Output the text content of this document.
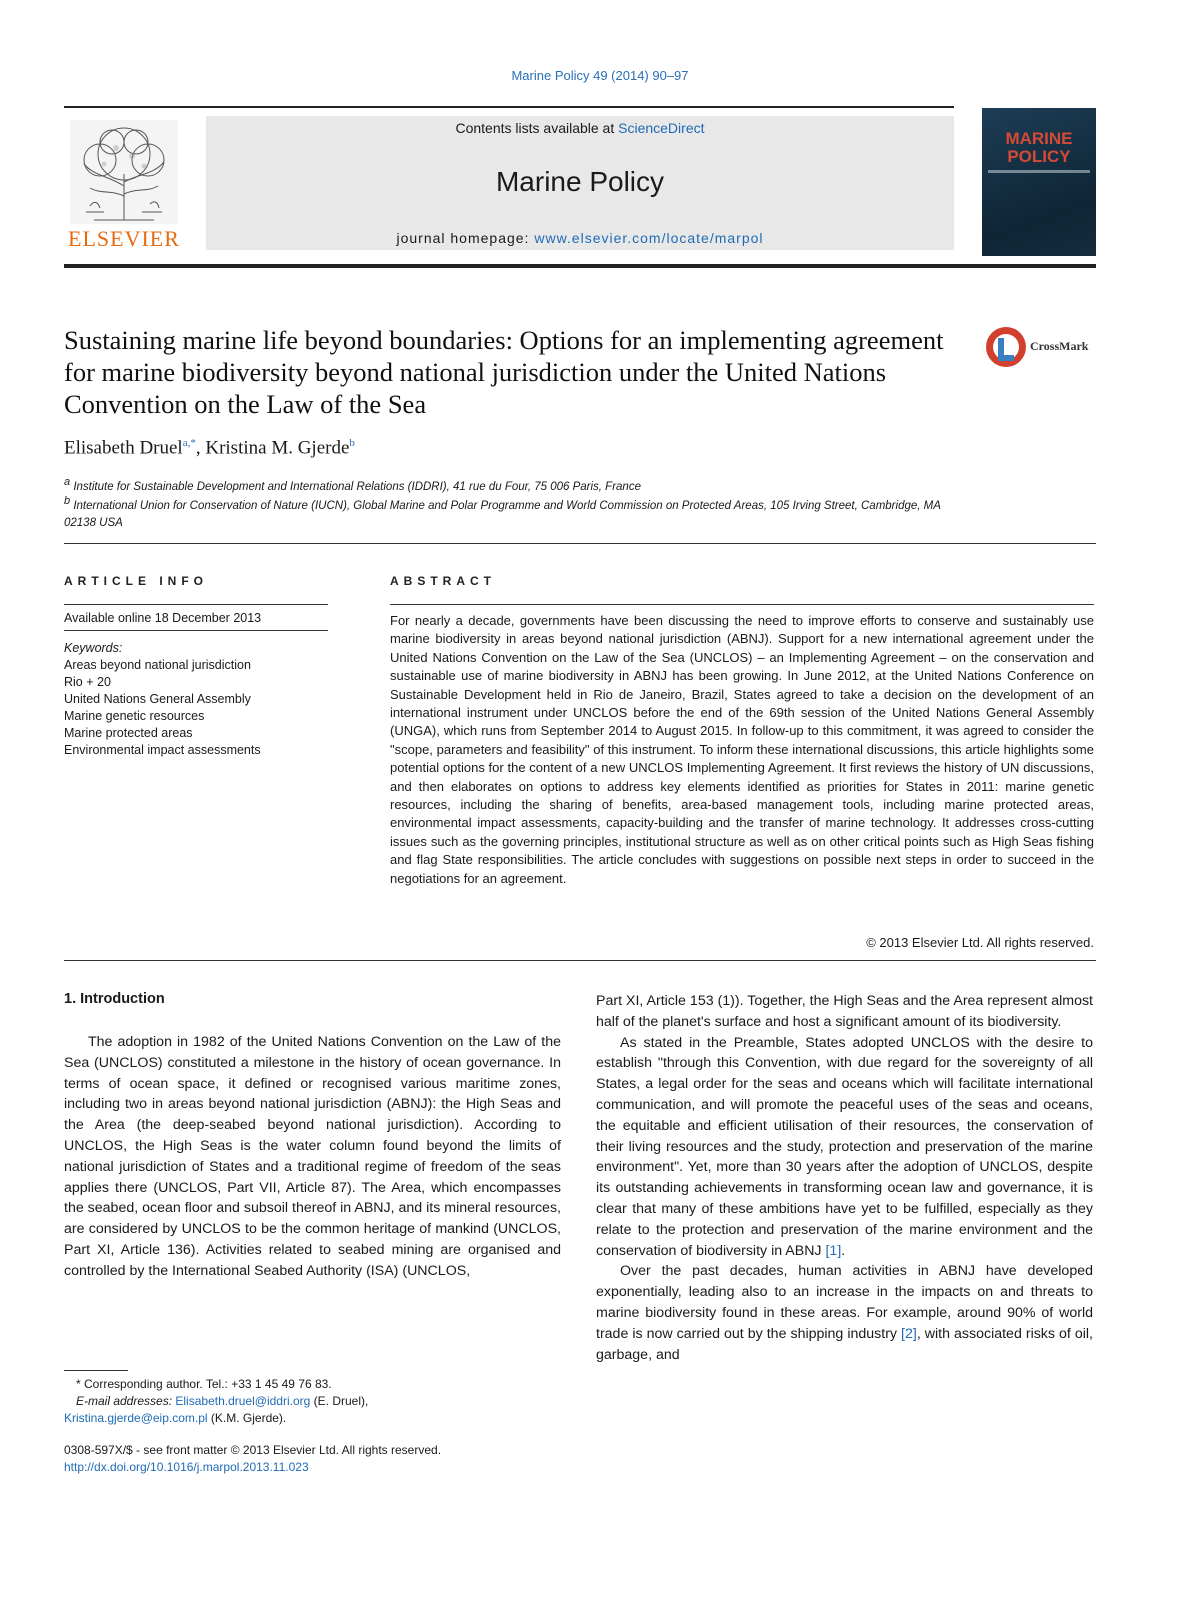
Marine Policy 49 (2014) 90–97
ELSEVIER
Contents lists available at ScienceDirect
Marine Policy
journal homepage: www.elsevier.com/locate/marpol
MARINE
POLICY
Sustaining marine life beyond boundaries: Options for an implementing agreement for marine biodiversity beyond national jurisdiction under the United Nations Convention on the Law of the Sea
CrossMark
Elisabeth Druel$^{a,*}$, Kristina M. Gjerde$^b$
$^a$ Institute for Sustainable Development and International Relations (IDDRI), 41 rue du Four, 75 006 Paris, France
$^b$ International Union for Conservation of Nature (IUCN), Global Marine and Polar Programme and World Commission on Protected Areas, 105 Irving Street, Cambridge, MA 02138 USA
ARTICLE INFO
Available online 18 December 2013
Keywords:
Areas beyond national jurisdiction
Rio + 20
United Nations General Assembly
Marine genetic resources
Marine protected areas
Environmental impact assessments
ABSTRACT
For nearly a decade, governments have been discussing the need to improve efforts to conserve and sustainably use marine biodiversity in areas beyond national jurisdiction (ABNJ). Support for a new international agreement under the United Nations Convention on the Law of the Sea (UNCLOS) – an Implementing Agreement – on the conservation and sustainable use of marine biodiversity in ABNJ has been growing. In June 2012, at the United Nations Conference on Sustainable Development held in Rio de Janeiro, Brazil, States agreed to take a decision on the development of an international instrument under UNCLOS before the end of the 69th session of the United Nations General Assembly (UNGA), which runs from September 2014 to August 2015. In follow-up to this commitment, it was agreed to consider the "scope, parameters and feasibility" of this instrument. To inform these international discussions, this article highlights some potential options for the content of a new UNCLOS Implementing Agreement. It first reviews the history of UN discussions, and then elaborates on options to address key elements identified as priorities for States in 2011: marine genetic resources, including the sharing of benefits, area-based management tools, including marine protected areas, environmental impact assessments, capacity-building and the transfer of marine technology. It addresses cross-cutting issues such as the governing principles, institutional structure as well as on other critical points such as High Seas fishing and flag State responsibilities. The article concludes with suggestions on possible next steps in order to succeed in the negotiations for an agreement.
© 2013 Elsevier Ltd. All rights reserved.
1. Introduction

The adoption in 1982 of the United Nations Convention on the Law of the Sea (UNCLOS) constituted a milestone in the history of ocean governance. In terms of ocean space, it defined or recognised various maritime zones, including two in areas beyond national jurisdiction (ABNJ): the High Seas and the Area (the deep-seabed beyond national jurisdiction). According to UNCLOS, the High Seas is the water column found beyond the limits of national jurisdiction of States and a traditional regime of freedom of the seas applies there (UNCLOS, Part VII, Article 87). The Area, which encompasses the seabed, ocean floor and subsoil thereof in ABNJ, and its mineral resources, are considered by UNCLOS to be the common heritage of mankind (UNCLOS, Part XI, Article 136). Activities related to seabed mining are organised and controlled by the International Seabed Authority (ISA) (UNCLOS,

Part XI, Article 153 (1)). Together, the High Seas and the Area represent almost half of the planet's surface and host a significant amount of its biodiversity.

As stated in the Preamble, States adopted UNCLOS with the desire to establish "through this Convention, with due regard for the sovereignty of all States, a legal order for the seas and oceans which will facilitate international communication, and will promote the peaceful uses of the seas and oceans, the equitable and efficient utilisation of their resources, the conservation of their living resources and the study, protection and preservation of the marine environment". Yet, more than 30 years after the adoption of UNCLOS, despite its outstanding achievements in transforming ocean law and governance, it is clear that many of these ambitions have yet to be fulfilled, especially as they relate to the protection and preservation of the marine environment and the conservation of biodiversity in ABNJ [1].

Over the past decades, human activities in ABNJ have developed exponentially, leading also to an increase in the impacts on and threats to marine biodiversity found in these areas. For example, around 90% of world trade is now carried out by the shipping industry [2], with associated risks of oil, garbage, and

* Corresponding author. Tel.: +33 1 45 49 76 83.
E-mail addresses: Elisabeth.druel@iddri.org (E. Druel),
Kristina.gjerde@eip.com.pl (K.M. Gjerde).
0308-597X/$ - see front matter © 2013 Elsevier Ltd. All rights reserved.
http://dx.doi.org/10.1016/j.marpol.2013.11.023
